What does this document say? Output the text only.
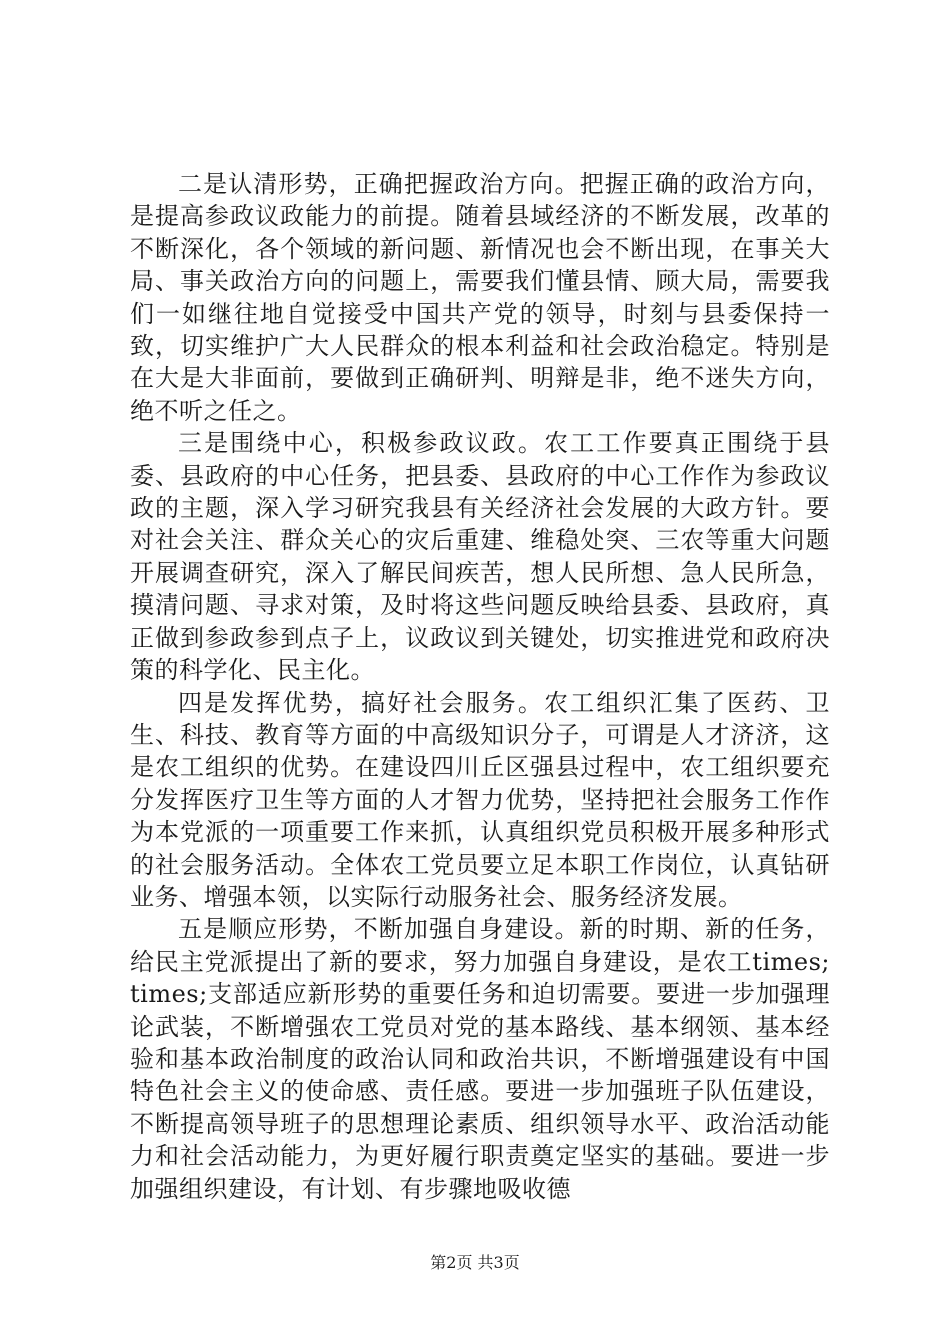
二是认清形势，正确把握政治方向。把握正确的政治方向，是提高参政议政能力的前提。随着县域经济的不断发展，改革的不断深化，各个领域的新问题、新情况也会不断出现，在事关大局、事关政治方向的问题上，需要我们懂县情、顾大局，需要我们一如继往地自觉接受中国共产党的领导，时刻与县委保持一致，切实维护广大人民群众的根本利益和社会政治稳定。特别是在大是大非面前，要做到正确研判、明辩是非，绝不迷失方向，绝不听之任之。

三是围绕中心，积极参政议政。农工工作要真正围绕于县委、县政府的中心任务，把县委、县政府的中心工作作为参政议政的主题，深入学习研究我县有关经济社会发展的大政方针。要对社会关注、群众关心的灾后重建、维稳处突、三农等重大问题开展调查研究，深入了解民间疾苦，想人民所想、急人民所急，摸清问题、寻求对策，及时将这些问题反映给县委、县政府，真正做到参政参到点子上，议政议到关键处，切实推进党和政府决策的科学化、民主化。

四是发挥优势，搞好社会服务。农工组织汇集了医药、卫生、科技、教育等方面的中高级知识分子，可谓是人才济济，这是农工组织的优势。在建设四川丘区强县过程中，农工组织要充分发挥医疗卫生等方面的人才智力优势，坚持把社会服务工作作为本党派的一项重要工作来抓，认真组织党员积极开展多种形式的社会服务活动。全体农工党员要立足本职工作岗位，认真钻研业务、增强本领，以实际行动服务社会、服务经济发展。

五是顺应形势，不断加强自身建设。新的时期、新的任务，给民主党派提出了新的要求，努力加强自身建设，是农工times;times;支部适应新形势的重要任务和迫切需要。要进一步加强理论武装，不断增强农工党员对党的基本路线、基本纲领、基本经验和基本政治制度的政治认同和政治共识，不断增强建设有中国特色社会主义的使命感、责任感。要进一步加强班子队伍建设，不断提高领导班子的思想理论素质、组织领导水平、政治活动能力和社会活动能力，为更好履行职责奠定坚实的基础。要进一步加强组织建设，有计划、有步骤地吸收德

第2页 共3页
